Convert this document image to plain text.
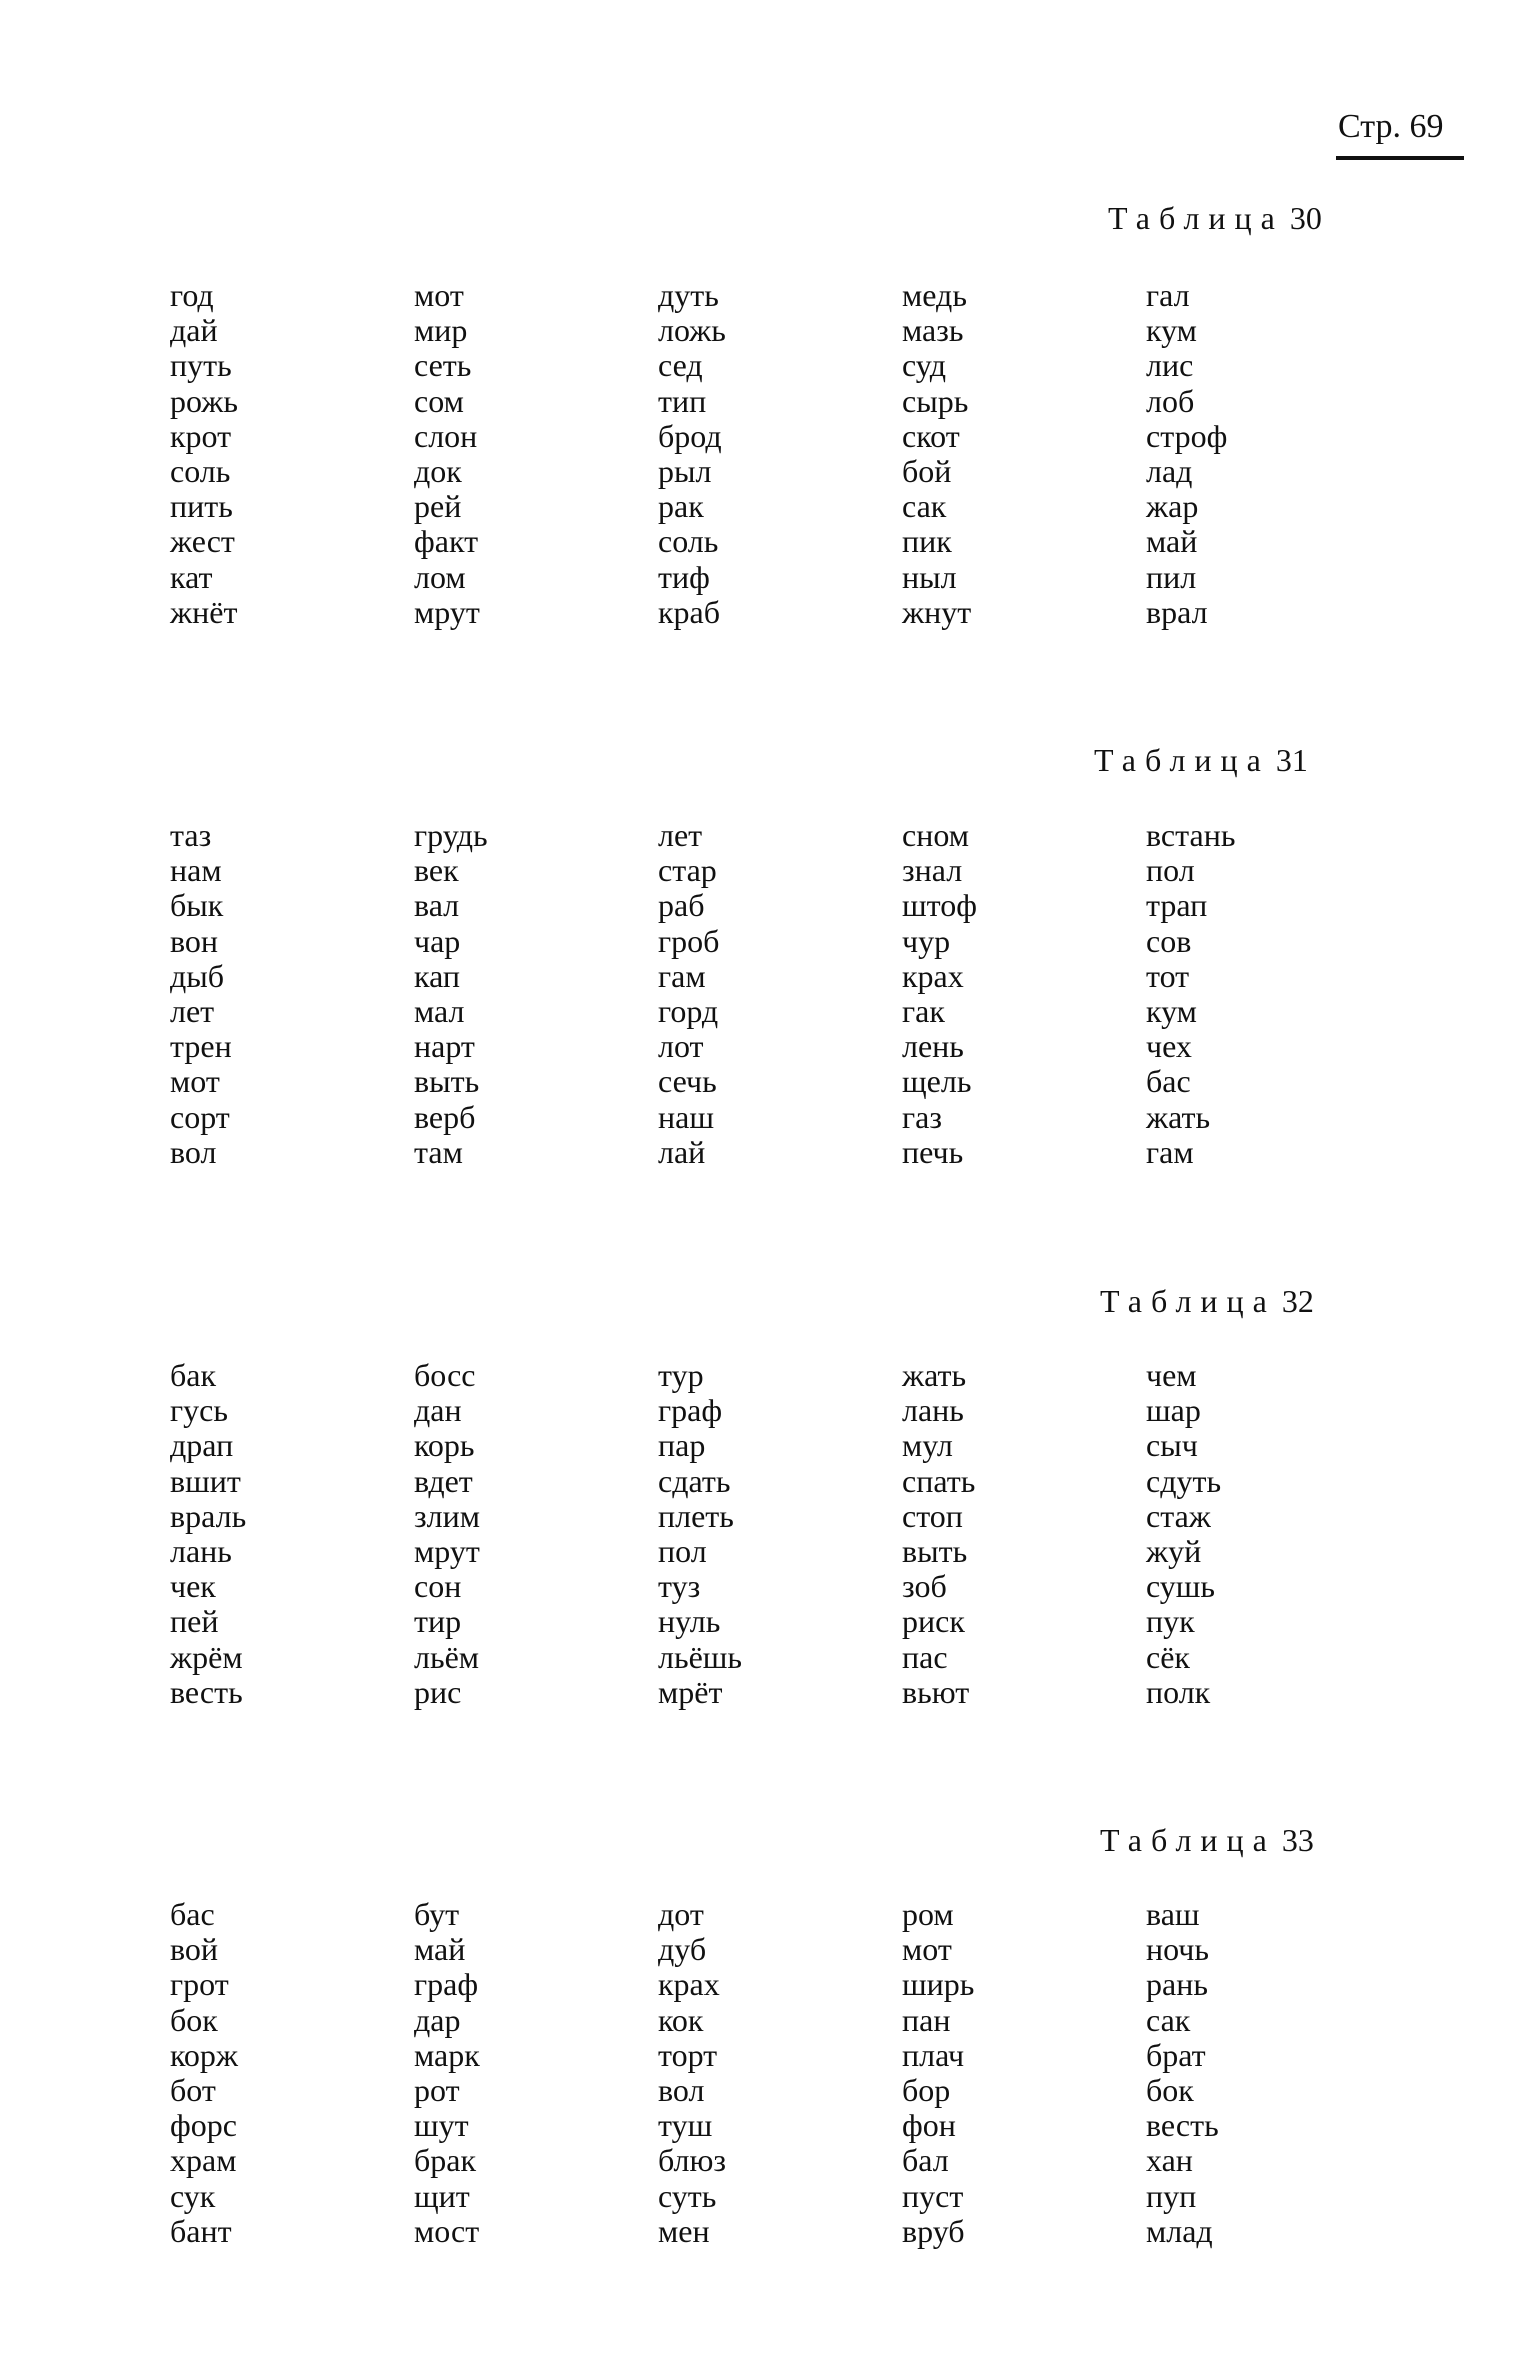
Стр. 69
Таблица 30
год
дай
путь
рожь
крот
соль
пить
жест
кат
жнёт
мот
мир
сеть
сом
слон
док
рей
факт
лом
мрут
дуть
ложь
сед
тип
брод
рыл
рак
соль
тиф
краб
медь
мазь
суд
сырь
скот
бой
сак
пик
ныл
жнут
гал
кум
лис
лоб
строф
лад
жар
май
пил
врал
Таблица 31
таз
нам
бык
вон
дыб
лет
трен
мот
сорт
вол
грудь
век
вал
чар
кап
мал
нарт
выть
верб
там
лет
стар
раб
гроб
гам
горд
лот
сечь
наш
лай
сном
знал
штоф
чур
крах
гак
лень
щель
газ
печь
встань
пол
трап
сов
тот
кум
чех
бас
жать
гам
Таблица 32
бак
гусь
драп
вшит
враль
лань
чек
пей
жрём
весть
босс
дан
корь
вдет
злим
мрут
сон
тир
льём
рис
тур
граф
пар
сдать
плеть
пол
туз
нуль
льёшь
мрёт
жать
лань
мул
спать
стоп
выть
зоб
риск
пас
вьют
чем
шар
сыч
сдуть
стаж
жуй
сушь
пук
сёк
полк
Таблица 33
бас
вой
грот
бок
корж
бот
форс
храм
сук
бант
бут
май
граф
дар
марк
рот
шут
брак
щит
мост
дот
дуб
крах
кок
торт
вол
туш
блюз
суть
мен
ром
мот
ширь
пан
плач
бор
фон
бал
пуст
вруб
ваш
ночь
рань
сак
брат
бок
весть
хан
пуп
млад
